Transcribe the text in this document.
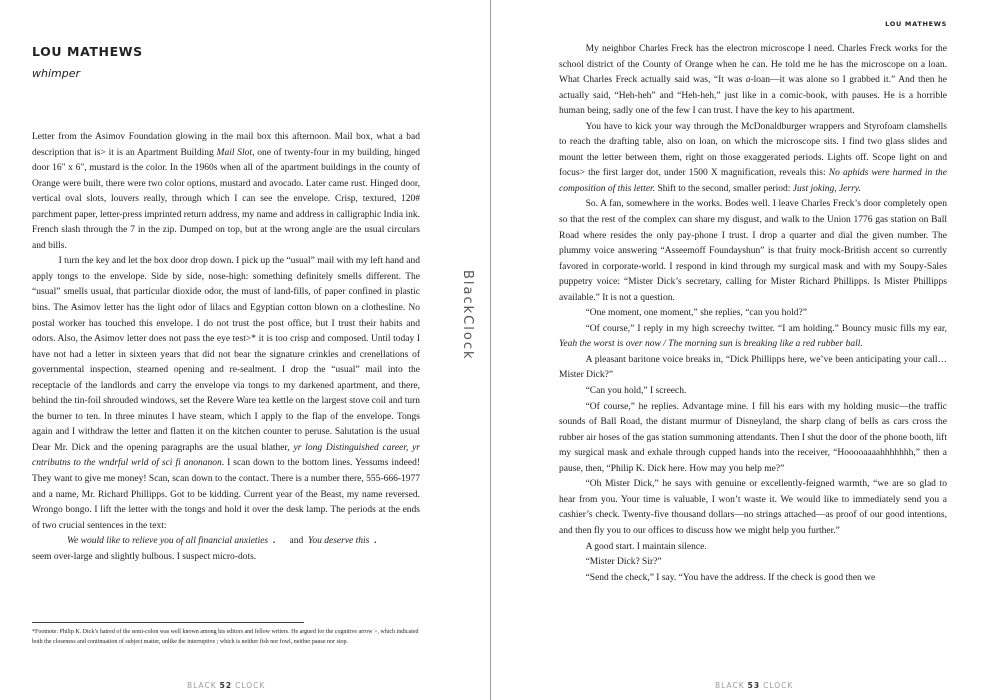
LOU MATHEWS
whimper

Letter from the Asimov Foundation glowing in the mail box this afternoon. Mail box, what a bad description that is> it is an Apartment Building Mail Slot, one of twenty-four in my building, hinged door 16" x 6", mustard is the color. In the 1960s when all of the apartment buildings in the county of Orange were built, there were two color options, mustard and avocado. Later came rust. Hinged door, vertical oval slots, louvers really, through which I can see the envelope. Crisp, textured, 120# parchment paper, letter-press imprinted return address, my name and address in calligraphic India ink. French slash through the 7 in the zip. Dumped on top, but at the wrong angle are the usual circulars and bills.

I turn the key and let the box door drop down. I pick up the “usual” mail with my left hand and apply tongs to the envelope. Side by side, nose-high: something definitely smells different. The “usual” smells usual, that particular dioxide odor, the must of land-fills, of paper confined in plastic bins. The Asimov letter has the light odor of lilacs and Egyptian cotton blown on a clothesline. No postal worker has touched this envelope. I do not trust the post office, but I trust their habits and odors. Also, the Asimov letter does not pass the eye test>* it is too crisp and composed. Until today I have not had a letter in sixteen years that did not bear the signature crinkles and crenellations of governmental inspection, steamed opening and re-sealment. I drop the “usual” mail into the receptacle of the landlords and carry the envelope via tongs to my darkened apartment, and there, behind the tin-foil shrouded windows, set the Revere Ware tea kettle on the largest stove coil and turn the burner to ten. In three minutes I have steam, which I apply to the flap of the envelope. Tongs again and I withdraw the letter and flatten it on the kitchen counter to peruse. Salutation is the usual Dear Mr. Dick and the opening paragraphs are the usual blather, yr long Distinguished career, yr cntributns to the wndrful wrld of sci fi anonanon. I scan down to the bottom lines. Yessums indeed! They want to give me money! Scan, scan down to the contact. There is a number there, 555-666-1977 and a name, Mr. Richard Phillipps. Got to be kidding. Current year of the Beast, my name reversed. Wrongo bongo. I lift the letter with the tongs and hold it over the desk lamp. The periods at the ends of two crucial sentences in the text:

We would like to relieve you of all financial anxieties . and You deserve this .

seem over-large and slightly bulbous. I suspect micro-dots.

*Footnote: Philip K. Dick’s hatred of the semi-colon was well known among his editors and fellow writers. He argued for the cognitive arrow >, which indicated both the closeness and continuation of subject matter, unlike the interruptive ; which is neither fish nor fowl, neither pause nor stop.
BLACK 52 CLOCK
LOU MATHEWS

My neighbor Charles Freck has the electron microscope I need. Charles Freck works for the school district of the County of Orange when he can. He told me he has the microscope on a loan. What Charles Freck actually said was, “It was a-loan—it was alone so I grabbed it.” And then he actually said, “Heh-heh” and “Heh-heh,” just like in a comic-book, with pauses. He is a horrible human being, sadly one of the few I can trust. I have the key to his apartment.

You have to kick your way through the McDonaldburger wrappers and Styrofoam clamshells to reach the drafting table, also on loan, on which the microscope sits. I find two glass slides and mount the letter between them, right on those exaggerated periods. Lights off. Scope light on and focus> the first larger dot, under 1500 X magnification, reveals this: No aphids were harmed in the composition of this letter. Shift to the second, smaller period: Just joking, Jerry.

So. A fan, somewhere in the works. Bodes well. I leave Charles Freck’s door completely open so that the rest of the complex can share my disgust, and walk to the Union 1776 gas station on Ball Road where resides the only pay-phone I trust. I drop a quarter and dial the given number. The plummy voice answering “Asseemoff Foundayshun” is that fruity mock-British accent so currently favored in corporate-world. I respond in kind through my surgical mask and with my Soupy-Sales puppetry voice: “Mister Dick’s secretary, calling for Mister Richard Phillipps. Is Mister Phillipps available.” It is not a question.

“One moment, one moment,” she replies, “can you hold?”

“Of course,” I reply in my high screechy twitter. “I am holding.” Bouncy music fills my ear, Yeah the worst is over now / The morning sun is breaking like a red rubber ball.

A pleasant baritone voice breaks in, “Dick Phillipps here, we’ve been anticipating your call…Mister Dick?”

“Can you hold,” I screech.

“Of course,” he replies. Advantage mine. I fill his ears with my holding music—the traffic sounds of Ball Road, the distant murmur of Disneyland, the sharp clang of bells as cars cross the rubber air hoses of the gas station summoning attendants. Then I shut the door of the phone booth, lift my surgical mask and exhale through cupped hands into the receiver, “Hooooaaaahhhhhhh,” then a pause, then, “Philip K. Dick here. How may you help me?”

“Oh Mister Dick,” he says with genuine or excellently-feigned warmth, “we are so glad to hear from you. Your time is valuable, I won’t waste it. We would like to immediately send you a cashier’s check. Twenty-five thousand dollars—no strings attached—as proof of our good intentions, and then fly you to our offices to discuss how we might help you further.”

A good start. I maintain silence.

“Mister Dick? Sir?”

“Send the check,” I say. “You have the address. If the check is good then we

BLACK 53 CLOCK
BlackClock
